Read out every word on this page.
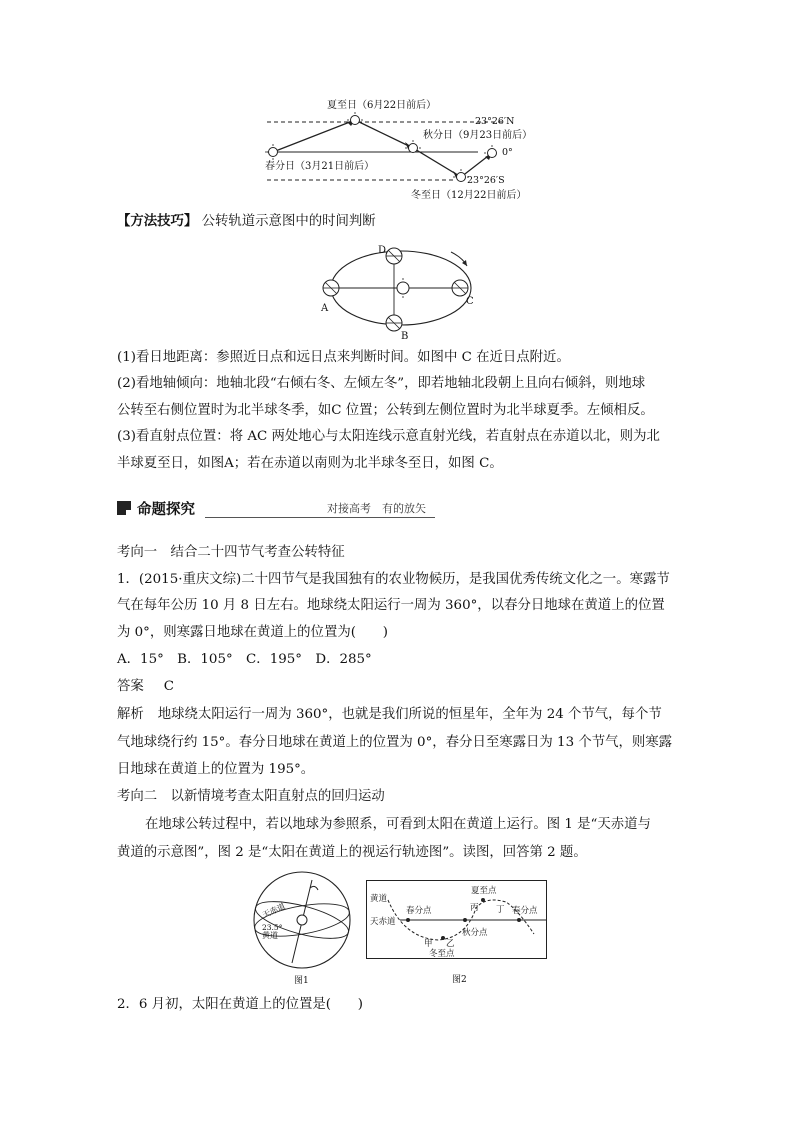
夏至日（6月22日前后）
23°26′N
秋分日（9月23日前后）
0°
春分日（3月21日前后）
23°26′S
冬至日（12月22日前后）
【方法技巧】 公转轨道示意图中的时间判断
D
A
C
B
(1)看日地距离：参照近日点和远日点来判断时间。如图中 C 在近日点附近。
(2)看地轴倾向：地轴北段“右倾右冬、左倾左冬”，即若地轴北段朝上且向右倾斜，则地球
公转至右侧位置时为北半球冬季，如C 位置；公转到左侧位置时为北半球夏季。左倾相反。
(3)看直射点位置：将 AC 两处地心与太阳连线示意直射光线，若直射点在赤道以北，则为北
半球夏至日，如图A；若在赤道以南则为北半球冬至日，如图 C。
命题探究	对接高考　有的放矢
考向一　结合二十四节气考查公转特征
1．(2015·重庆文综)二十四节气是我国独有的农业物候历，是我国优秀传统文化之一。寒露节
气在每年公历 10 月 8 日左右。地球绕太阳运行一周为 360°，以春分日地球在黄道上的位置
为 0°，则寒露日地球在黄道上的位置为(　　)
A．15°　B．105°　C．195°　D．285°
答案 C
解析 地球绕太阳运行一周为 360°，也就是我们所说的恒星年，全年为 24 个节气，每个节
气地球绕行约 15°。春分日地球在黄道上的位置为 0°，春分日至寒露日为 13 个节气，则寒露
日地球在黄道上的位置为 195°。
考向二　以新情境考查太阳直射点的回归运动
在地球公转过程中，若以地球为参照系，可看到太阳在黄道上运行。图 1 是“天赤道与
黄道的示意图”，图 2 是“太阳在黄道上的视运行轨迹图”。读图，回答第 2 题。
天赤道
黄道
23.5°
图1
黄道
天赤道
春分点
夏至点
秋分点
冬至点
春分点
甲 乙
丙 丁
图2
2．6 月初，太阳在黄道上的位置是(　　)
